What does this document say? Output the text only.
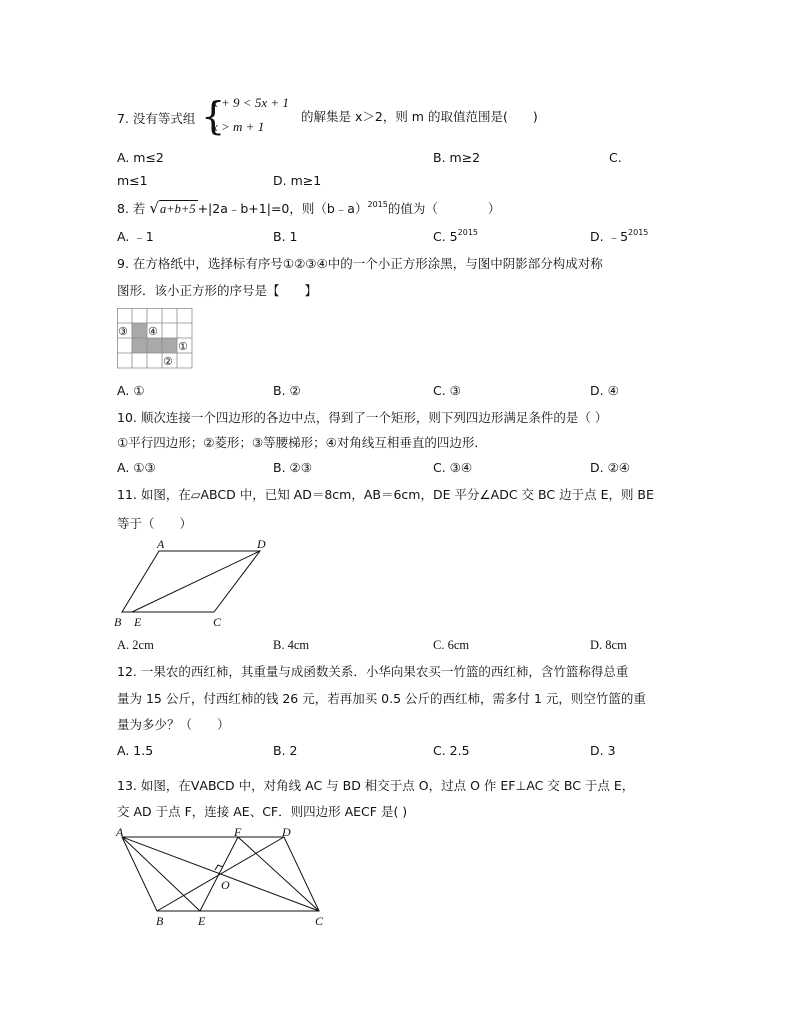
7. 没有等式组 {
x + 9 < 5x + 1
x > m + 1
的解集是 x＞2，则 m 的取值范围是(　　)
A. m≤2	B. m≥2	C.
m≤1	D. m≥1
8. 若 √a+b+5 +|2a﹣b+1|=0，则（b﹣a）$^{2015}$的值为（　　　　）
A. ﹣1	B. 1	C. $5^{2015}$	D. $﹣5^{2015}$
9. 在方格纸中，选择标有序号①②③④中的一个小正方形涂黑，与图中阴影部分构成对称
图形．该小正方形的序号是【　　】
③ ④
①
②
A. ①	B. ②	C. ③	D. ④
10. 顺次连接一个四边形的各边中点，得到了一个矩形，则下列四边形满足条件的是（ ）
①平行四边形；②菱形；③等腰梯形；④对角线互相垂直的四边形．
A. ①③	B. ②③	C. ③④	D. ②④
11. 如图，在▱ABCD 中，已知 AD＝8cm，AB＝6cm，DE 平分∠ADC 交 BC 边于点 E，则 BE
等于（　　）
A	D
B E	C
A. 2cm	B. 4cm	C. 6cm	D. 8cm
12. 一果农的西红柿，其重量与成函数关系．小华向果农买一竹篮的西红柿，含竹篮称得总重
量为 15 公斤，付西红柿的钱 26 元，若再加买 0.5 公斤的西红柿，需多付 1 元，则空竹篮的重
量为多少？（　　）
A. 1.5	B. 2	C. 2.5	D. 3
13. 如图，在ⅤABCD 中，对角线 AC 与 BD 相交于点 O，过点 O 作 EF⊥AC 交 BC 于点 E，
交 AD 于点 F，连接 AE、CF．则四边形 AECF 是( )
A	F	D
O
B	E	C
